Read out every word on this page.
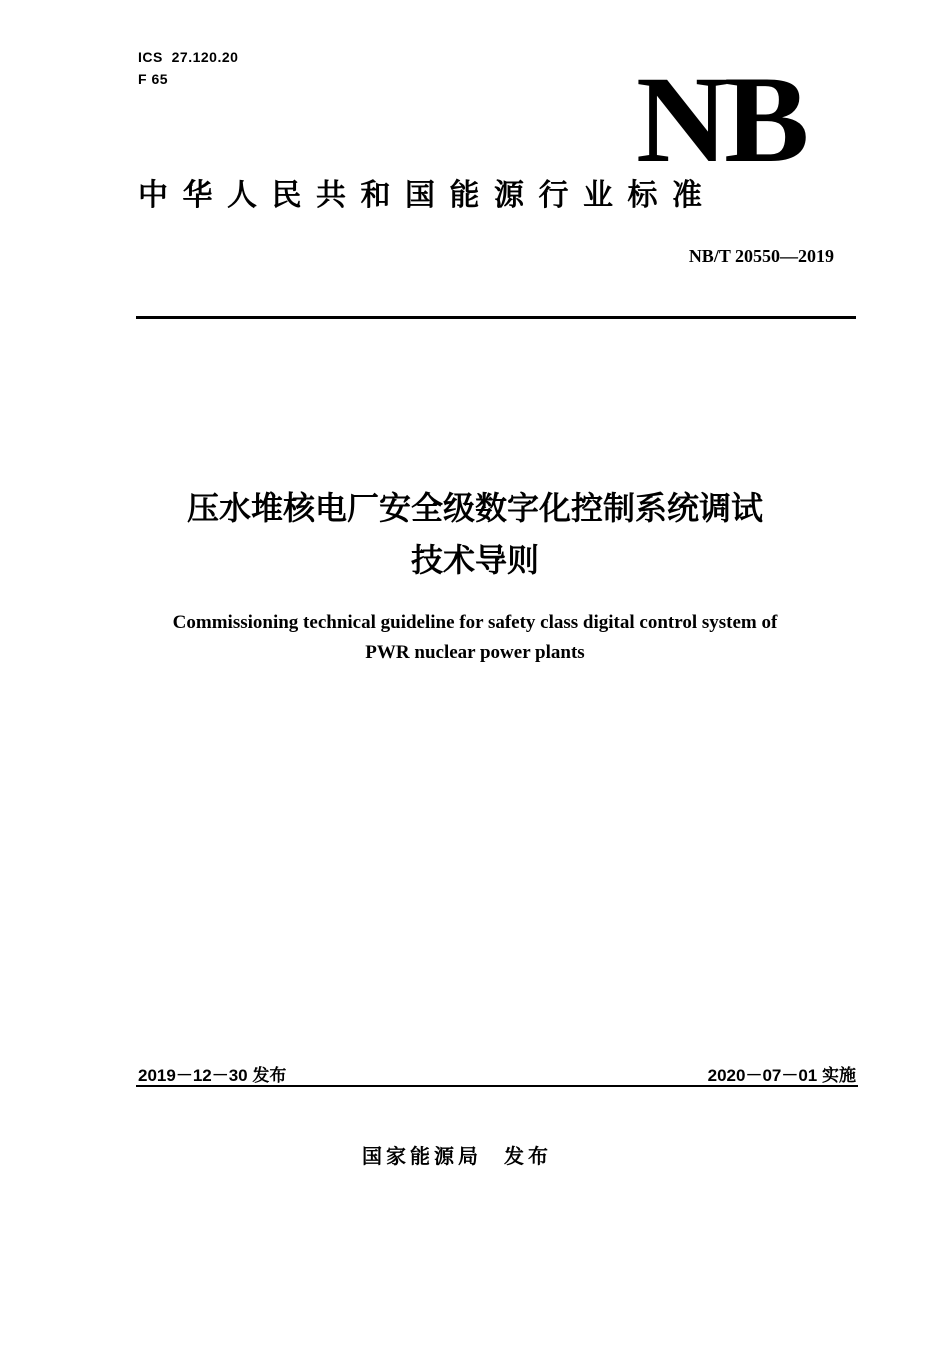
ICS  27.120.20
F 65	NB
中华人民共和国能源行业标准
NB/T 20550—2019
压水堆核电厂安全级数字化控制系统调试
技术导则
Commissioning technical guideline for safety class digital control system of
PWR nuclear power plants
2019－12－30 发布	2020－07－01 实施
国家能源局 发布
